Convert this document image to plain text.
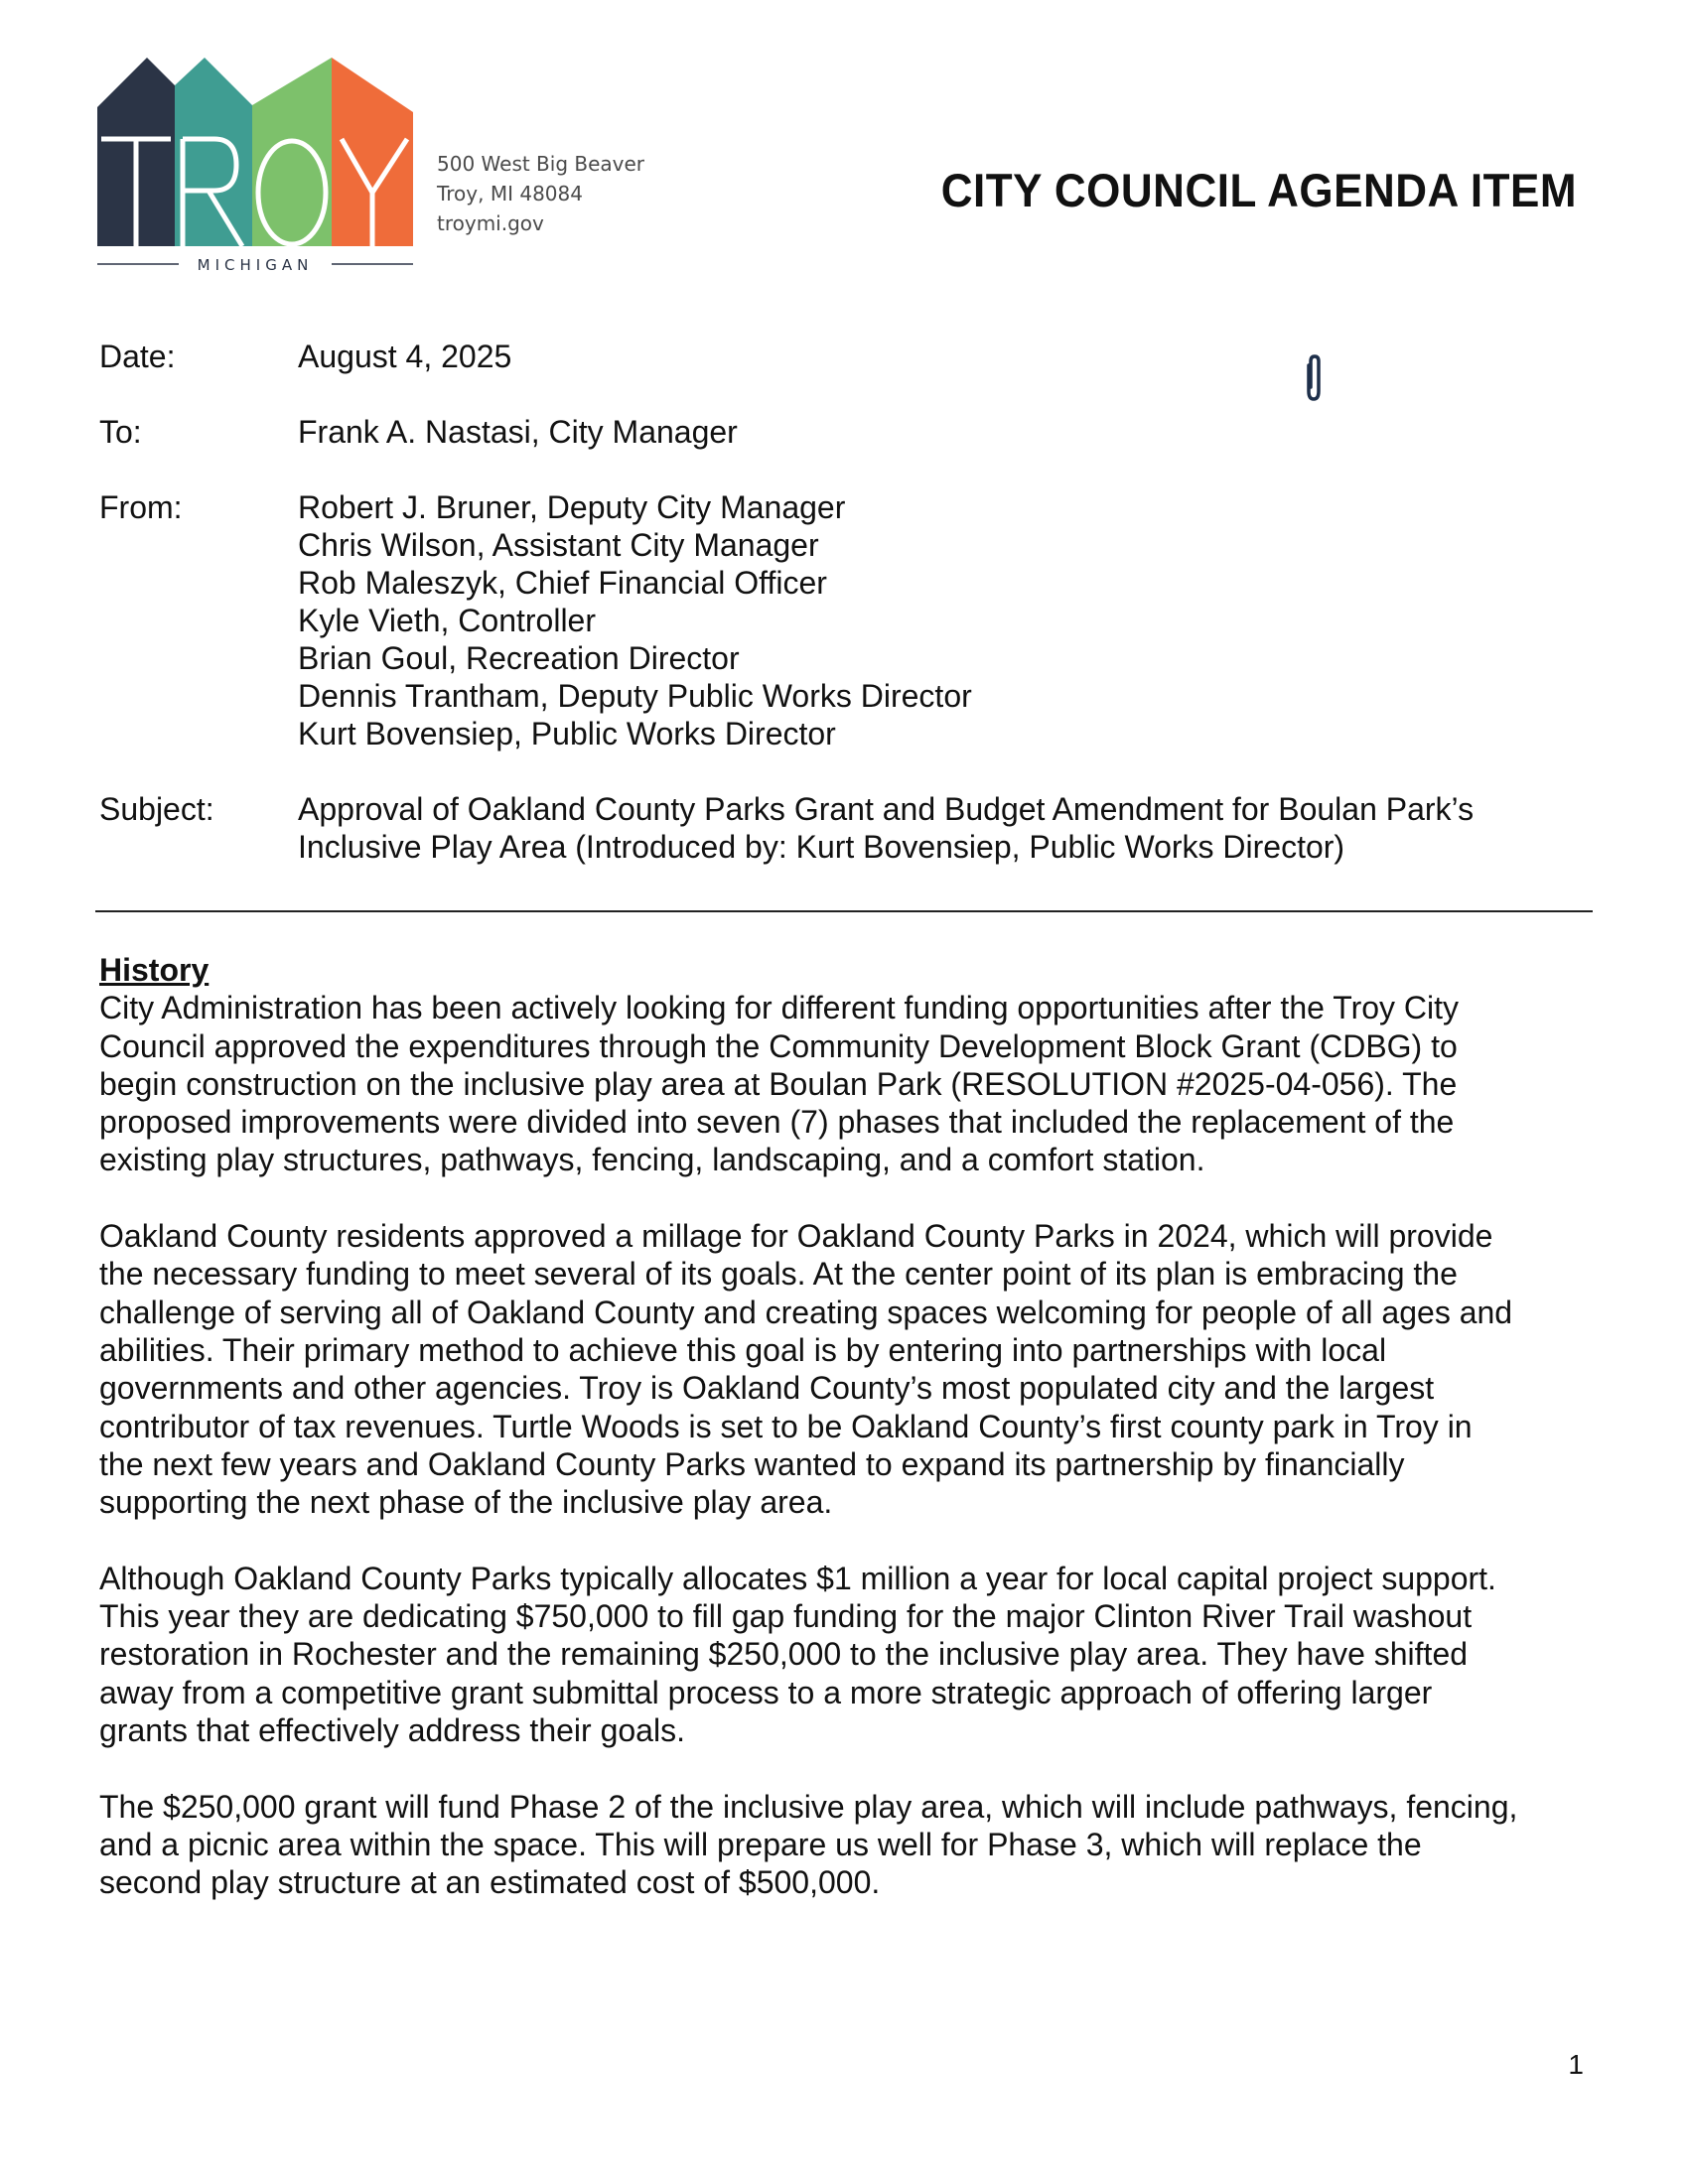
MICHIGAN
500 West Big Beaver
Troy, MI 48084
troymi.gov
CITY COUNCIL AGENDA ITEM
Date:	August 4, 2025
To:	Frank A. Nastasi, City Manager
From:	Robert J. Bruner, Deputy City Manager
Chris Wilson, Assistant City Manager
Rob Maleszyk, Chief Financial Officer
Kyle Vieth, Controller
Brian Goul, Recreation Director
Dennis Trantham, Deputy Public Works Director
Kurt Bovensiep, Public Works Director
Subject:	Approval of Oakland County Parks Grant and Budget Amendment for Boulan Park’s
Inclusive Play Area (Introduced by: Kurt Bovensiep, Public Works Director)

History

City Administration has been actively looking for different funding opportunities after the Troy City
Council approved the expenditures through the Community Development Block Grant (CDBG) to
begin construction on the inclusive play area at Boulan Park (RESOLUTION #2025-04-056). The
proposed improvements were divided into seven (7) phases that included the replacement of the
existing play structures, pathways, fencing, landscaping, and a comfort station.
Oakland County residents approved a millage for Oakland County Parks in 2024, which will provide
the necessary funding to meet several of its goals. At the center point of its plan is embracing the
challenge of serving all of Oakland County and creating spaces welcoming for people of all ages and
abilities. Their primary method to achieve this goal is by entering into partnerships with local
governments and other agencies. Troy is Oakland County’s most populated city and the largest
contributor of tax revenues. Turtle Woods is set to be Oakland County’s first county park in Troy in
the next few years and Oakland County Parks wanted to expand its partnership by financially
supporting the next phase of the inclusive play area.
Although Oakland County Parks typically allocates $1 million a year for local capital project support.
This year they are dedicating $750,000 to fill gap funding for the major Clinton River Trail washout
restoration in Rochester and the remaining $250,000 to the inclusive play area. They have shifted
away from a competitive grant submittal process to a more strategic approach of offering larger
grants that effectively address their goals.
The $250,000 grant will fund Phase 2 of the inclusive play area, which will include pathways, fencing,
and a picnic area within the space. This will prepare us well for Phase 3, which will replace the
second play structure at an estimated cost of $500,000.
1
